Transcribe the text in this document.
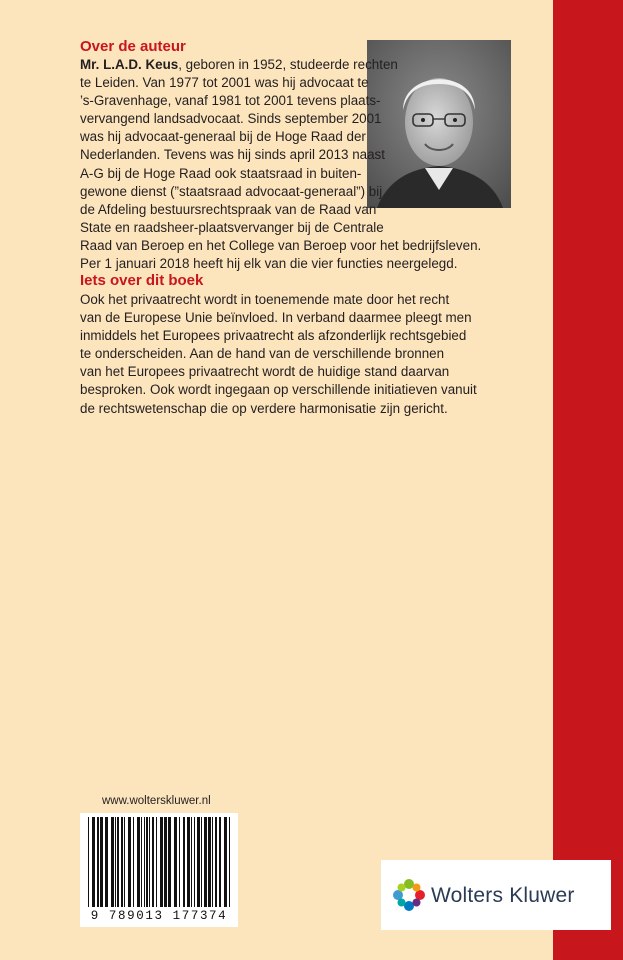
Over de auteur

Mr. L.A.D. Keus, geboren in 1952, studeerde rechten
te Leiden. Van 1977 tot 2001 was hij advocaat te
’s-Gravenhage, vanaf 1981 tot 2001 tevens plaats-
vervangend landsadvocaat. Sinds september 2001
was hij advocaat-generaal bij de Hoge Raad der
Nederlanden. Tevens was hij sinds april 2013 naast
A-G bij de Hoge Raad ook staatsraad in buiten-
gewone dienst (”staatsraad advocaat-generaal”) bij
de Afdeling bestuursrechtspraak van de Raad van
State en raadsheer-plaatsvervanger bij de Centrale
Raad van Beroep en het College van Beroep voor het bedrijfsleven.
Per 1 januari 2018 heeft hij elk van die vier functies neergelegd.

Iets over dit boek

Ook het privaatrecht wordt in toenemende mate door het recht
van de Europese Unie beïnvloed. In verband daarmee pleegt men
inmiddels het Europees privaatrecht als afzonderlijk rechtsgebied
te onderscheiden. Aan de hand van de verschillende bronnen
van het Europees privaatrecht wordt de huidige stand daarvan
besproken. Ook wordt ingegaan op verschillende initiatieven vanuit
de rechtswetenschap die op verdere harmonisatie zijn gericht.

www.wolterskluwer.nl
9 789013 177374
Wolters Kluwer
